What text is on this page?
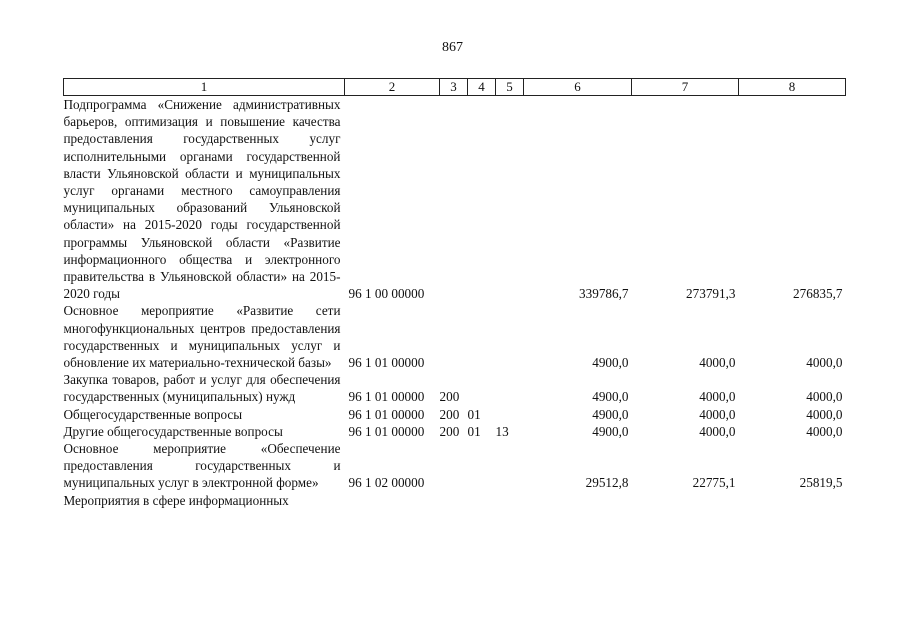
867
1	2	3	4	5	6	7	8
Подпрограмма «Снижение административных барьеров, оптимизация и повышение качества предоставления государственных услуг исполнительными органами государственной власти Ульяновской области и муниципальных услуг органами местного самоуправления муниципальных образований Ульяновской области» на 2015-2020 годы государственной программы Ульяновской области «Развитие информационного общества и электронного правительства в Ульяновской области» на 2015-2020 годы	96 1 00 00000				339786,7	273791,3	276835,7
Основное мероприятие «Развитие сети многофункциональных центров предоставления государственных и муниципальных услуг и обновление их материально-технической базы»	96 1 01 00000				4900,0	4000,0	4000,0
Закупка товаров, работ и услуг для обеспечения государственных (муниципальных) нужд	96 1 01 00000	200			4900,0	4000,0	4000,0
Общегосударственные вопросы	96 1 01 00000	200	01		4900,0	4000,0	4000,0
Другие общегосударственные вопросы	96 1 01 00000	200	01	13	4900,0	4000,0	4000,0
Основное мероприятие «Обеспечение предоставления государственных и муниципальных услуг в электронной форме»	96 1 02 00000				29512,8	22775,1	25819,5
Мероприятия в сфере информационных							
